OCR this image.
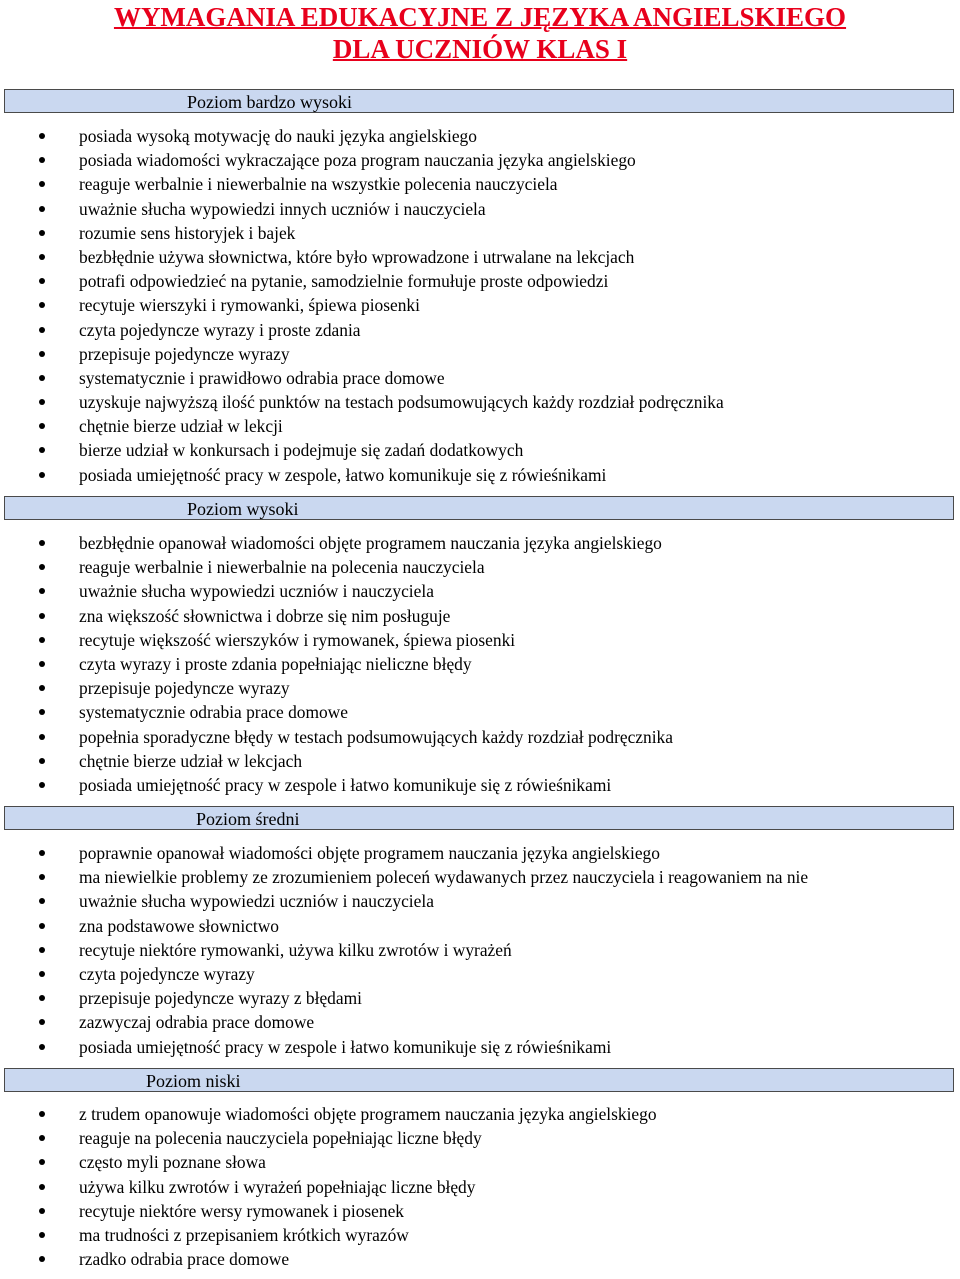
WYMAGANIA EDUKACYJNE Z JĘZYKA ANGIELSKIEGO
DLA UCZNIÓW KLAS I
Poziom bardzo wysoki
posiada wysoką motywację do nauki języka angielskiego
posiada wiadomości wykraczające poza program nauczania języka angielskiego
reaguje werbalnie i niewerbalnie na wszystkie polecenia nauczyciela
uważnie słucha wypowiedzi innych uczniów i nauczyciela
rozumie sens historyjek i bajek
bezbłędnie używa słownictwa, które było wprowadzone i utrwalane na lekcjach
potrafi odpowiedzieć na pytanie, samodzielnie formułuje proste odpowiedzi
recytuje wierszyki i rymowanki, śpiewa piosenki
czyta pojedyncze wyrazy i proste zdania
przepisuje pojedyncze wyrazy
systematycznie i prawidłowo odrabia prace domowe
uzyskuje najwyższą ilość punktów na testach podsumowujących każdy rozdział podręcznika
chętnie bierze udział w lekcji
bierze udział w konkursach i podejmuje się zadań dodatkowych
posiada umiejętność pracy w zespole, łatwo komunikuje się z rówieśnikami
Poziom wysoki
bezbłędnie opanował wiadomości objęte programem nauczania języka angielskiego
reaguje werbalnie i niewerbalnie na polecenia nauczyciela
uważnie słucha wypowiedzi uczniów i nauczyciela
zna większość słownictwa i dobrze się nim posługuje
recytuje większość wierszyków i rymowanek, śpiewa piosenki
czyta wyrazy i proste zdania popełniając nieliczne błędy
przepisuje pojedyncze wyrazy
systematycznie odrabia prace domowe
popełnia sporadyczne błędy w testach podsumowujących każdy rozdział podręcznika
chętnie bierze udział w lekcjach
posiada umiejętność pracy w zespole i łatwo komunikuje się z rówieśnikami
Poziom średni
poprawnie opanował wiadomości objęte programem nauczania języka angielskiego
ma niewielkie problemy ze zrozumieniem poleceń wydawanych przez nauczyciela i reagowaniem na nie
uważnie słucha wypowiedzi uczniów i nauczyciela
zna podstawowe słownictwo
recytuje niektóre rymowanki, używa kilku zwrotów i wyrażeń
czyta pojedyncze wyrazy
przepisuje pojedyncze wyrazy z błędami
zazwyczaj odrabia prace domowe
posiada umiejętność pracy w zespole i łatwo komunikuje się z rówieśnikami
Poziom niski
z trudem opanowuje wiadomości objęte programem nauczania języka angielskiego
reaguje na polecenia nauczyciela popełniając liczne błędy
często myli poznane słowa
używa kilku zwrotów i wyrażeń popełniając liczne błędy
recytuje niektóre wersy rymowanek i piosenek
ma trudności z przepisaniem krótkich wyrazów
rzadko odrabia prace domowe
